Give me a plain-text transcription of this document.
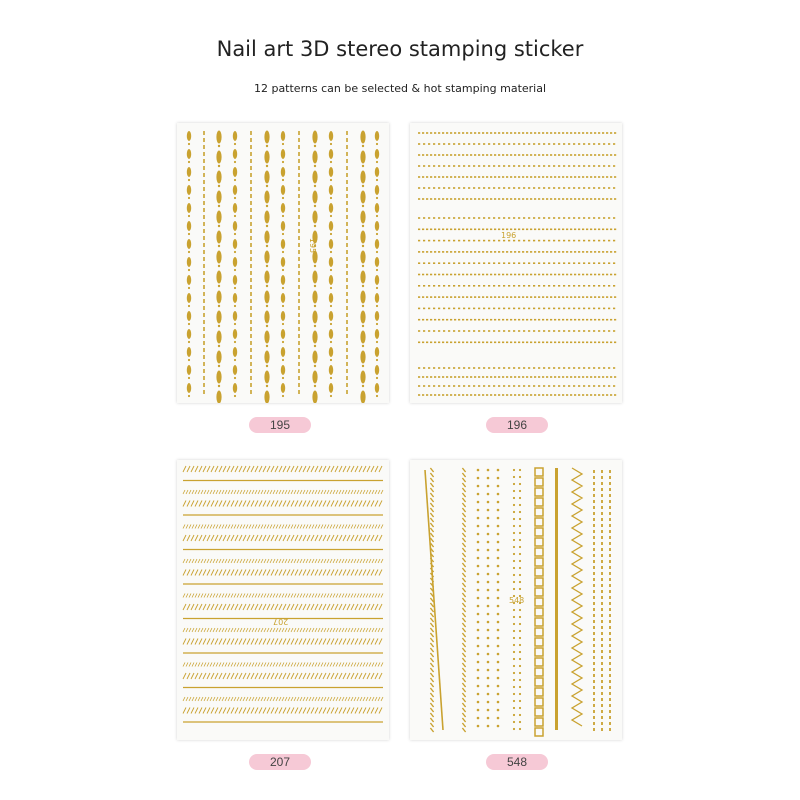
Nail art 3D stereo stamping sticker
12 patterns can be selected & hot stamping material
195
195
196
196
207
207
548
548
